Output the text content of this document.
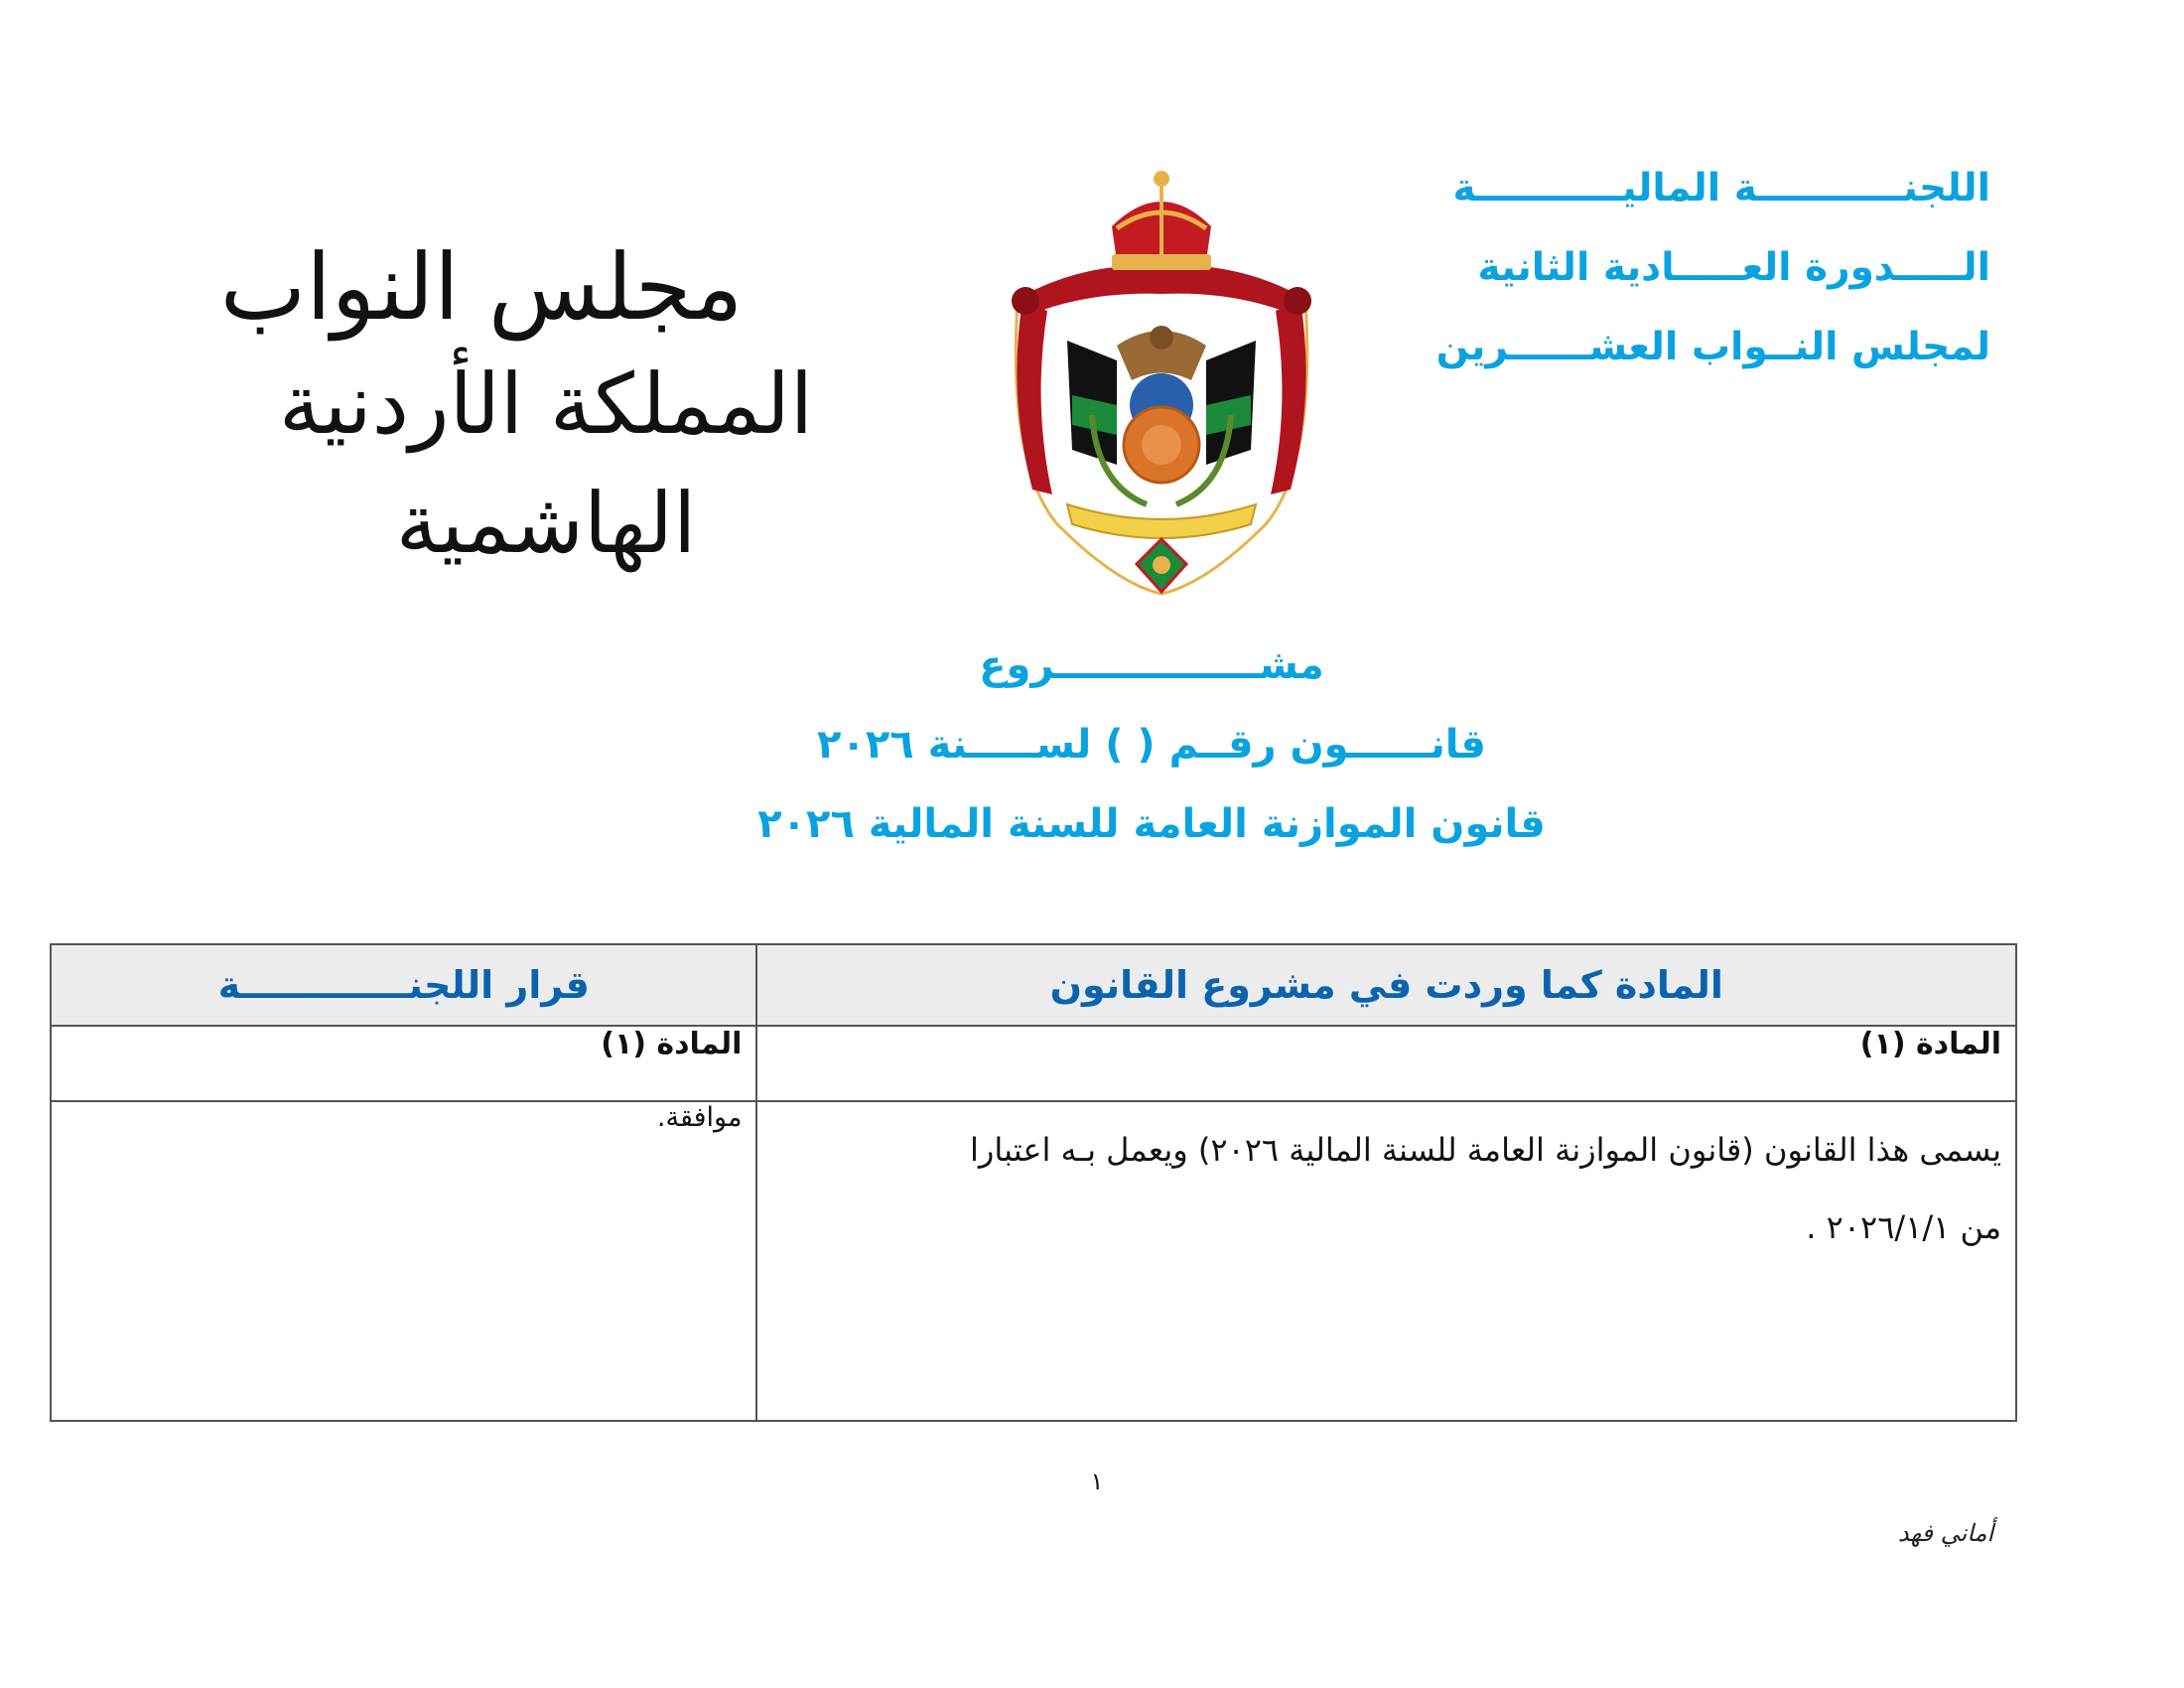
اللجنـــــــــــة الماليـــــــــــة
الـــــدورة العـــــادية الثانية
لمجلس النــواب العشــــــرين
مجلس النواب
المملكة الأردنية الهاشمية
مشـــــــــــــــروع
قانــــــون رقــم ( ) لســـــنة ٢٠٢٦
قانون الموازنة العامة للسنة المالية ٢٠٢٦
المادة كما وردت في مشروع القانون	قرار اللجنـــــــــــــة
المادة (١)	المادة (١)

يسمى هذا القانون (قانون الموازنة العامة للسنة المالية ٢٠٢٦) ويعمل بـه اعتبارا
من ٢٠٢٦/١/١ .	موافقة.
١
أماني فهد
